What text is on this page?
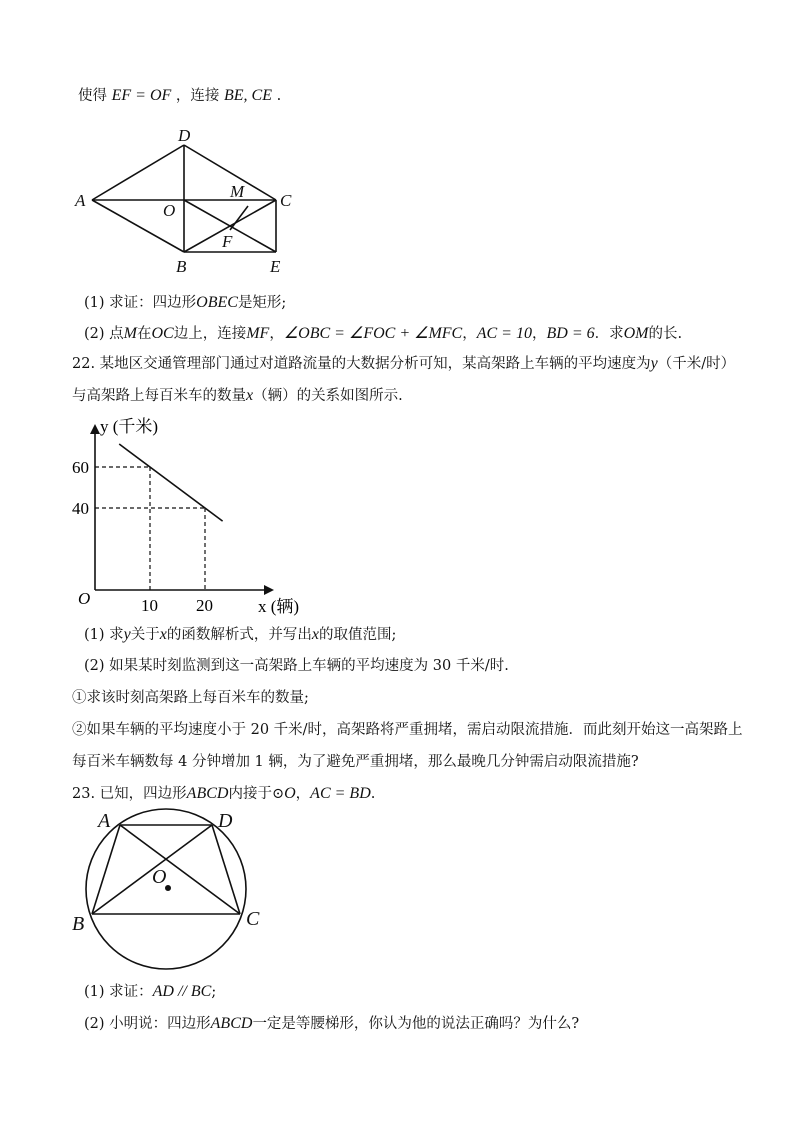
使得 EF = OF ，连接 BE, CE .
A
D
C
M
O
F
B	E
(1) 求证：四边形OBEC是矩形;
(2) 点M在OC边上，连接MF，∠OBC = ∠FOC + ∠MFC，AC = 10，BD = 6．求OM的长.
22. 某地区交通管理部门通过对道路流量的大数据分析可知，某高架路上车辆的平均速度为y（千米/时）
与高架路上每百米车的数量x（辆）的关系如图所示.
10 20
60
40
y (千米)
x (辆)
O
(1) 求y关于x的函数解析式，并写出x的取值范围;
(2) 如果某时刻监测到这一高架路上车辆的平均速度为 30 千米/时.
①求该时刻高架路上每百米车的数量;
②如果车辆的平均速度小于 20 千米/时，高架路将严重拥堵，需启动限流措施．而此刻开始这一高架路上
每百米车辆数每 4 分钟增加 1 辆，为了避免严重拥堵，那么最晚几分钟需启动限流措施?
23. 已知，四边形ABCD内接于⊙O，AC = BD.
A	D
O
B	C
(1) 求证：AD // BC;
(2) 小明说：四边形ABCD一定是等腰梯形，你认为他的说法正确吗？为什么?
